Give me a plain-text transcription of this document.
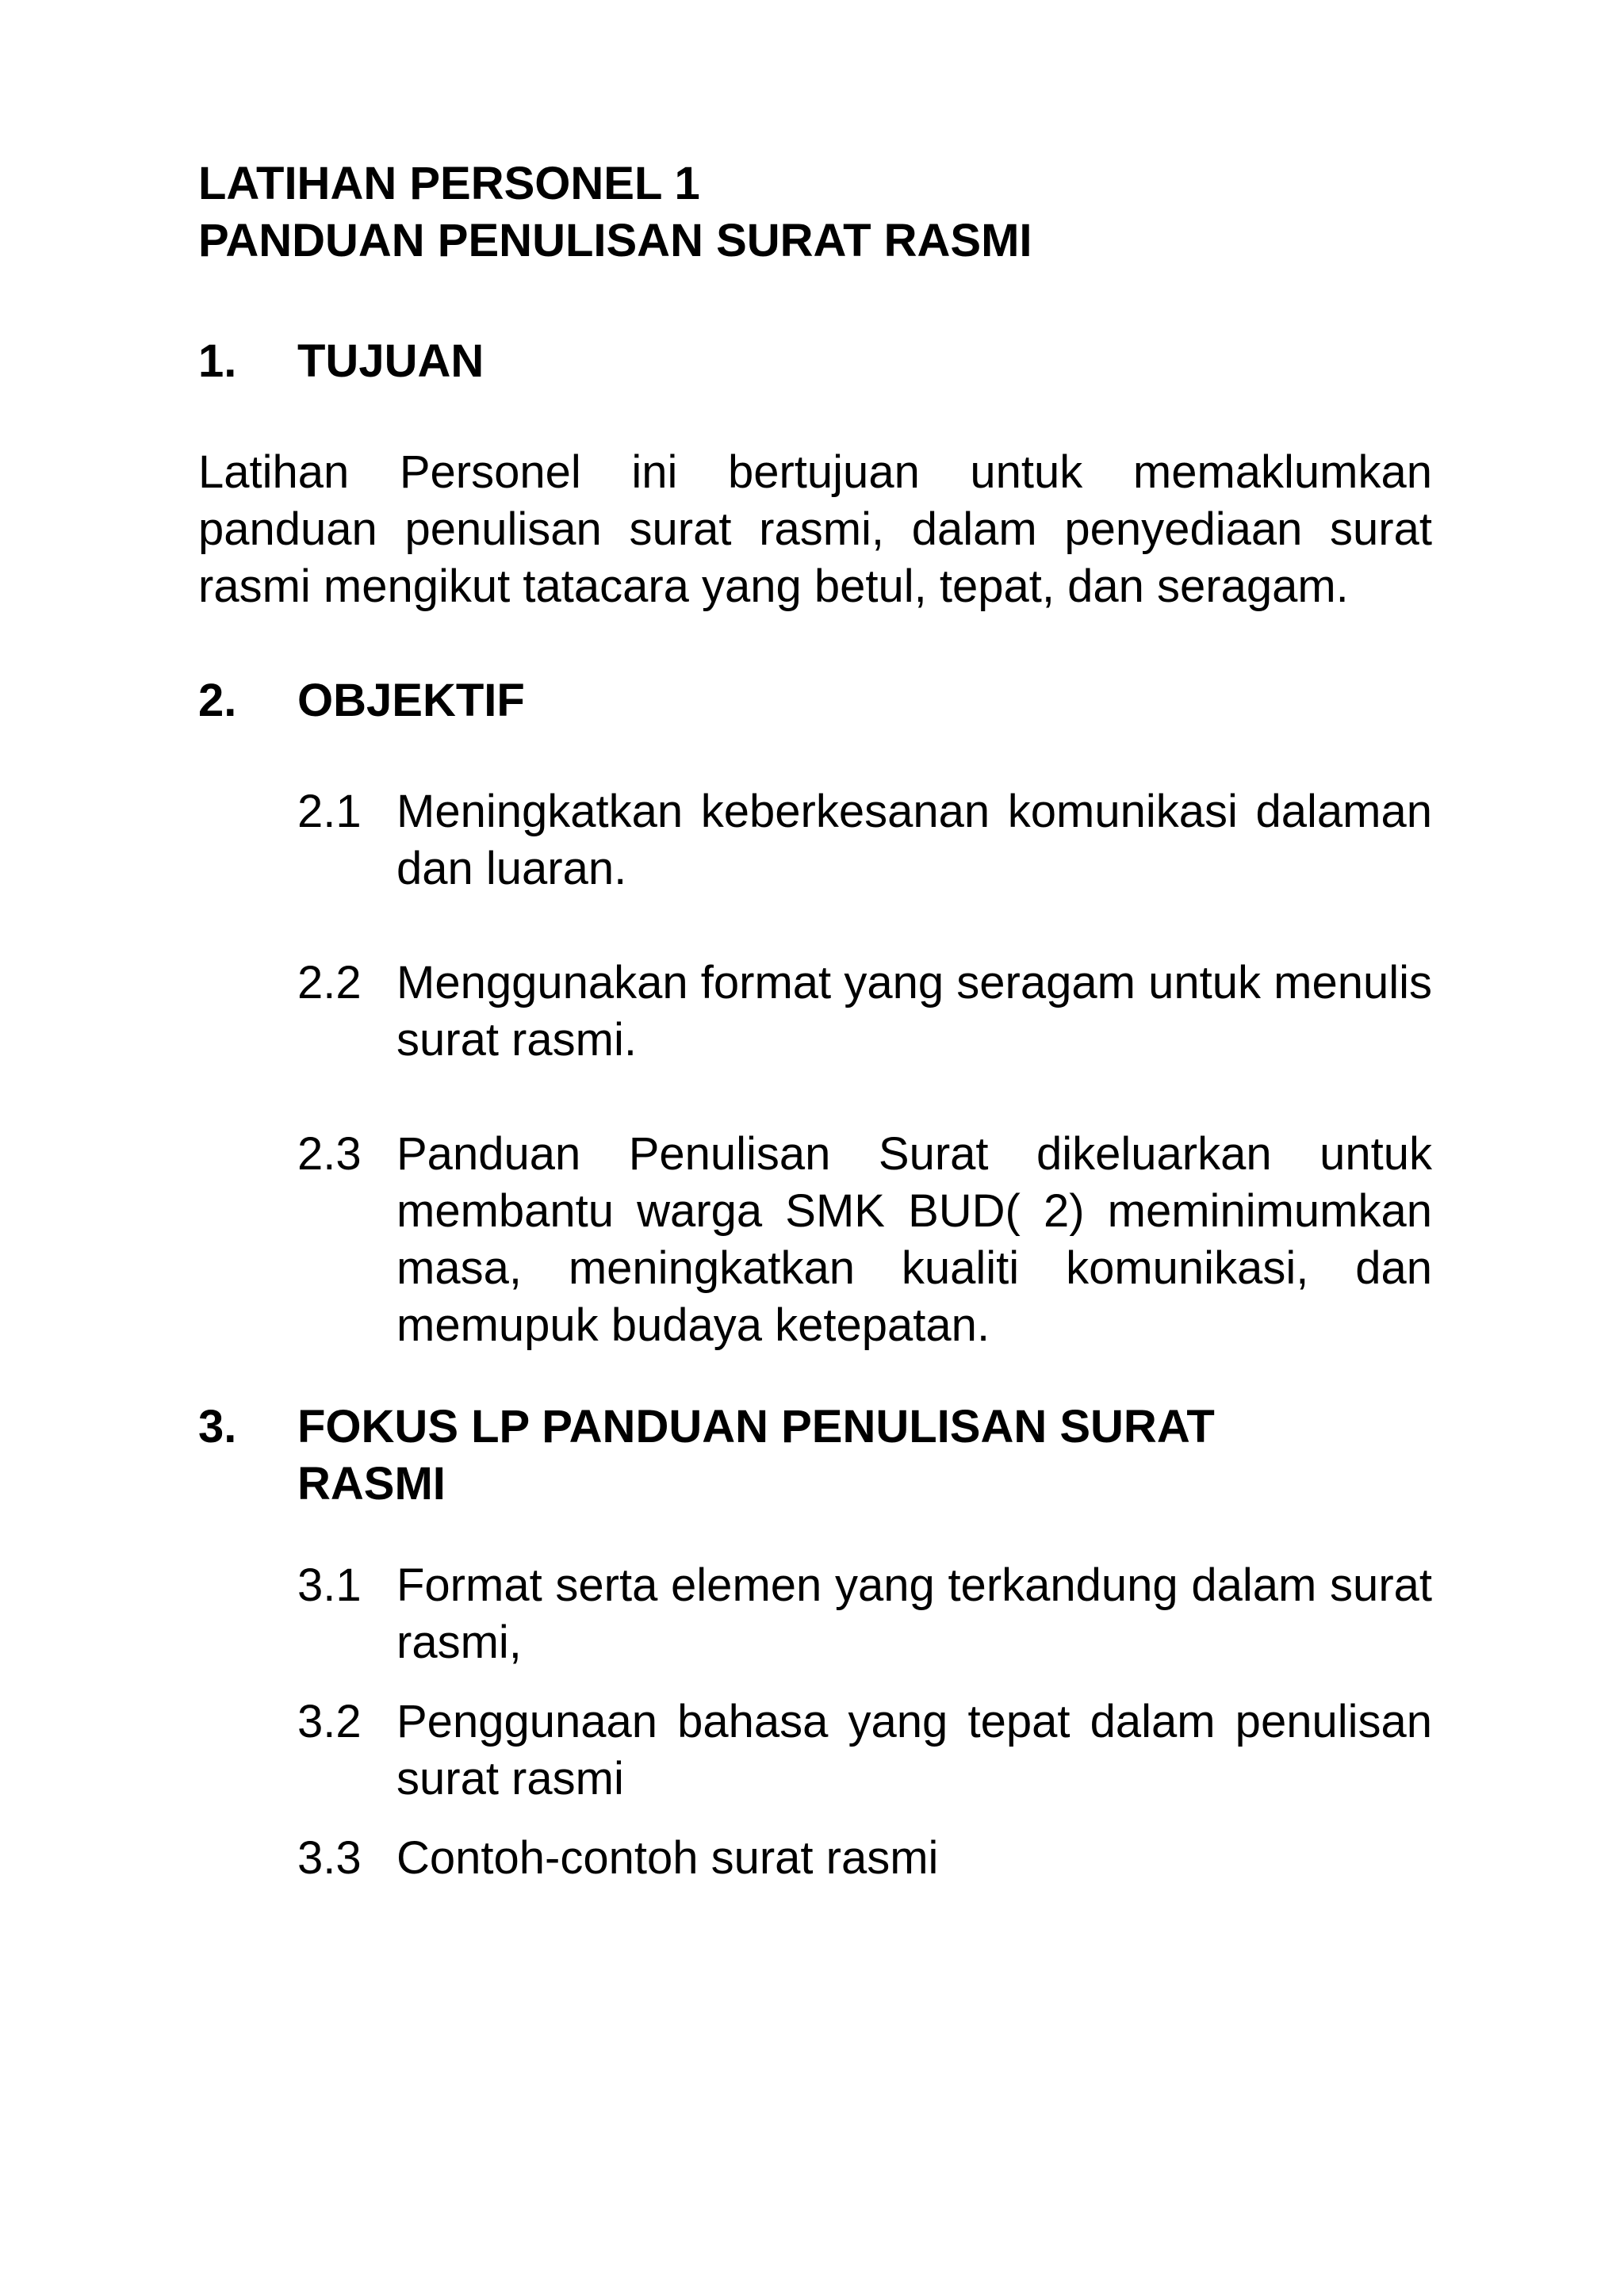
LATIHAN PERSONEL 1

PANDUAN PENULISAN SURAT RASMI

1.	TUJUAN

Latihan Personel ini bertujuan untuk memaklumkan panduan penulisan surat rasmi, dalam penyediaan surat rasmi mengikut tatacara yang betul, tepat, dan seragam.

2.	OBJEKTIF
2.1 Meningkatkan keberkesanan komunikasi dalaman dan luaran.
2.2 Menggunakan format yang seragam untuk menulis surat rasmi.
2.3 Panduan Penulisan Surat dikeluarkan untuk membantu warga SMK BUD( 2) meminimumkan masa, meningkatkan kualiti komunikasi, dan memupuk budaya ketepatan.
3.	FOKUS LP PANDUAN PENULISAN SURAT RASMI
3.1 Format serta elemen yang terkandung dalam surat rasmi,
3.2 Penggunaan bahasa yang tepat dalam penulisan surat rasmi
3.3 Contoh-contoh surat rasmi
